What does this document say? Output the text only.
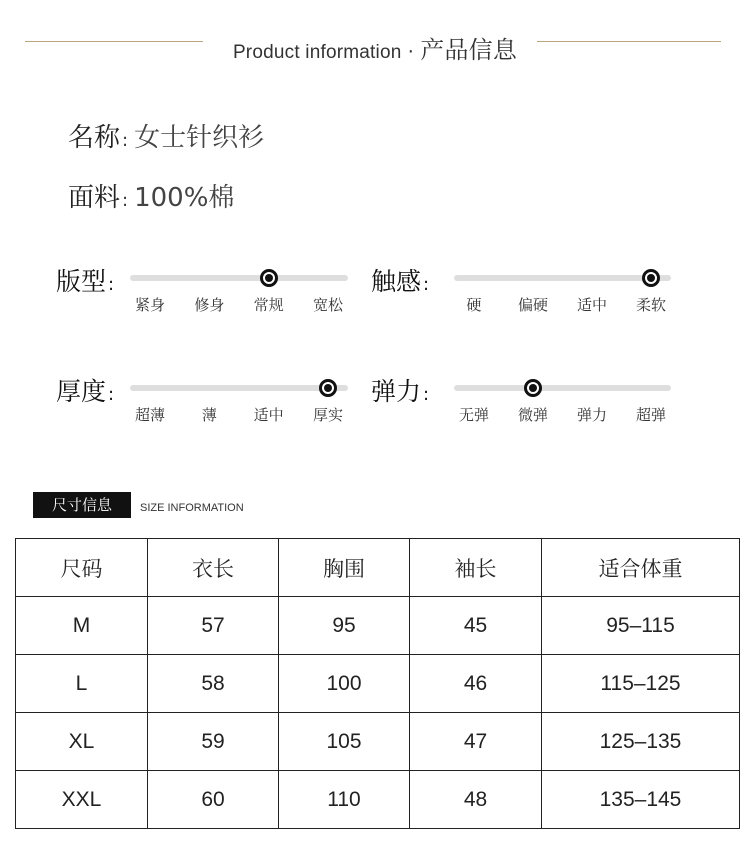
Product information · 产品信息
名称 : 女士针织衫
面料 : 100%棉
版型 :
紧身 修身 常规 宽松
触感 :
硬 偏硬 适中 柔软
厚度 :
超薄 薄 适中 厚实
弹力 :
无弹 微弹 弹力 超弹
尺寸信息	SIZE INFORMATION
尺码	衣长	胸围	袖长	适合体重
M	57	95	45	95–115
L	58	100	46	115–125
XL	59	105	47	125–135
XXL	60	110	48	135–145
